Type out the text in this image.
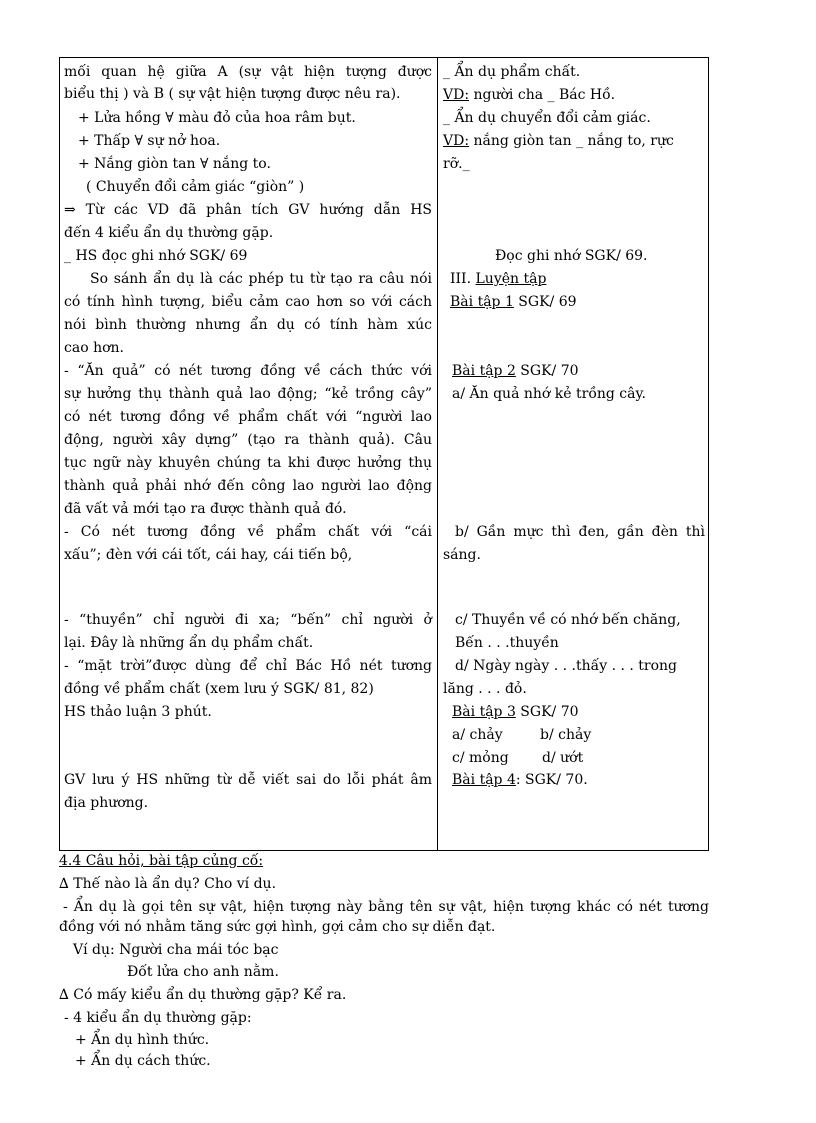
mối quan hệ giữa A (sự vật hiện tượng được
biểu thị ) và B ( sự vật hiện tượng được nêu ra).
+ Lửa hồng ∀ màu đỏ của hoa râm bụt.
+ Thấp ∀ sự nở hoa.
+ Nắng giòn tan ∀ nắng to.
( Chuyển đổi cảm giác “giòn” )
⇒ Từ các VD đã phân tích GV hướng dẫn HS
đến 4 kiểu ẩn dụ thường gặp.
_ HS đọc ghi nhớ SGK/ 69
So sánh ẩn dụ là các phép tu từ tạo ra câu nói
có tính hình tượng, biểu cảm cao hơn so với cách
nói bình thường nhưng ẩn dụ có tính hàm xúc
cao hơn.
- “Ăn quả” có nét tương đồng về cách thức với
sự hưởng thụ thành quả lao động; “kẻ trồng cây”
có nét tương đồng về phẩm chất với “người lao
động, người xây dựng” (tạo ra thành quả). Câu
tục ngữ này khuyên chúng ta khi được hưởng thụ
thành quả phải nhớ đến công lao người lao động
đã vất vả mới tạo ra được thành quả đó.
- Có nét tương đồng về phẩm chất với “cái
xấu”; đèn với cái tốt, cái hay, cái tiến bộ,
- “thuyền” chỉ người đi xa; “bến” chỉ người ở
lại. Đây là những ẩn dụ phẩm chất.
- “mặt trời”được dùng để chỉ Bác Hồ nét tương
đồng về phẩm chất (xem lưu ý SGK/ 81, 82)
HS thảo luận 3 phút.
GV lưu ý HS những từ dễ viết sai do lỗi phát âm
địa phương.
_ Ẩn dụ phẩm chất.
VD: người cha _ Bác Hồ.
_ Ẩn dụ chuyển đổi cảm giác.
VD: nắng giòn tan _ nắng to, rực
rỡ._
Đọc ghi nhớ SGK/ 69.
III. Luyện tập
Bài tập 1 SGK/ 69
Bài tập 2 SGK/ 70
a/ Ăn quả nhớ kẻ trồng cây.
b/ Gần mực thì đen, gần đèn thì
sáng.
c/ Thuyền về có nhớ bến chăng,
Bến . . .thuyền
d/ Ngày ngày . . .thấy . . . trong
lăng . . . đỏ.
Bài tập 3 SGK/ 70
a/ chảy	b/ chảy
c/ mỏng	d/ ướt
Bài tập 4: SGK/ 70.
4.4 Câu hỏi, bài tập củng cố:
∆ Thế nào là ẩn dụ? Cho ví dụ.
- Ẩn dụ là gọi tên sự vật, hiện tượng này bằng tên sự vật, hiện tượng khác có nét tương
đồng với nó nhằm tăng sức gợi hình, gợi cảm cho sự diễn đạt.
Ví dụ: Người cha mái tóc bạc
Đốt lửa cho anh nằm.
∆ Có mấy kiểu ẩn dụ thường gặp? Kể ra.
- 4 kiểu ẩn dụ thường gặp:
+ Ẩn dụ hình thức.
+ Ẩn dụ cách thức.
